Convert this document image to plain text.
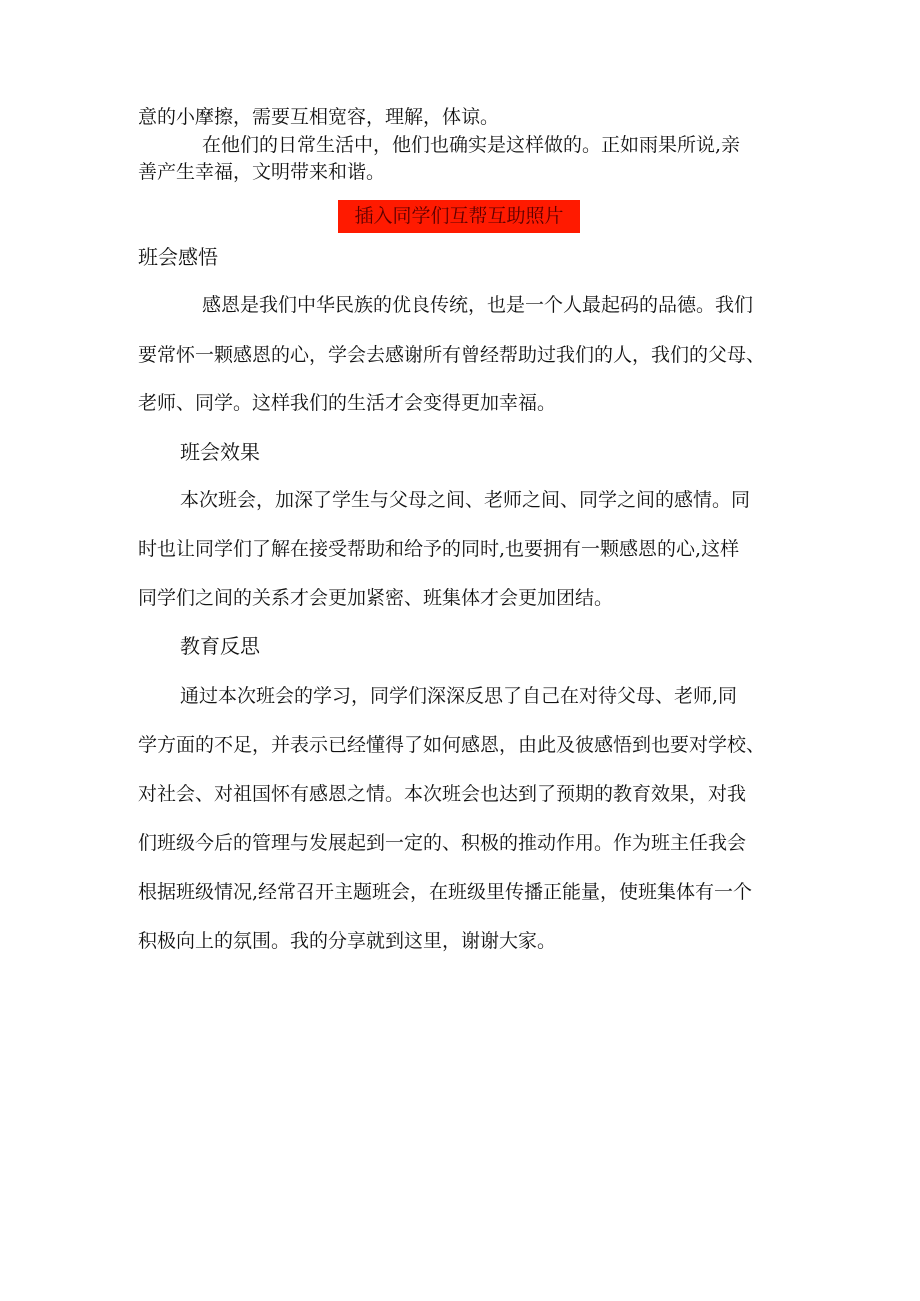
意的小摩擦，需要互相宽容，理解，体谅。
在他们的日常生活中，他们也确实是这样做的。正如雨果所说,亲
善产生幸福，文明带来和谐。
插入同学们互帮互助照片
班会感悟
感恩是我们中华民族的优良传统，也是一个人最起码的品德。我们
要常怀一颗感恩的心，学会去感谢所有曾经帮助过我们的人，我们的父母、
老师、同学。这样我们的生活才会变得更加幸福。
班会效果
本次班会，加深了学生与父母之间、老师之间、同学之间的感情。同
时也让同学们了解在接受帮助和给予的同时,也要拥有一颗感恩的心,这样
同学们之间的关系才会更加紧密、班集体才会更加团结。
教育反思
通过本次班会的学习，同学们深深反思了自己在对待父母、老师,同
学方面的不足，并表示已经懂得了如何感恩，由此及彼感悟到也要对学校、
对社会、对祖国怀有感恩之情。本次班会也达到了预期的教育效果，对我
们班级今后的管理与发展起到一定的、积极的推动作用。作为班主任我会
根据班级情况,经常召开主题班会，在班级里传播正能量，使班集体有一个
积极向上的氛围。我的分享就到这里，谢谢大家。
